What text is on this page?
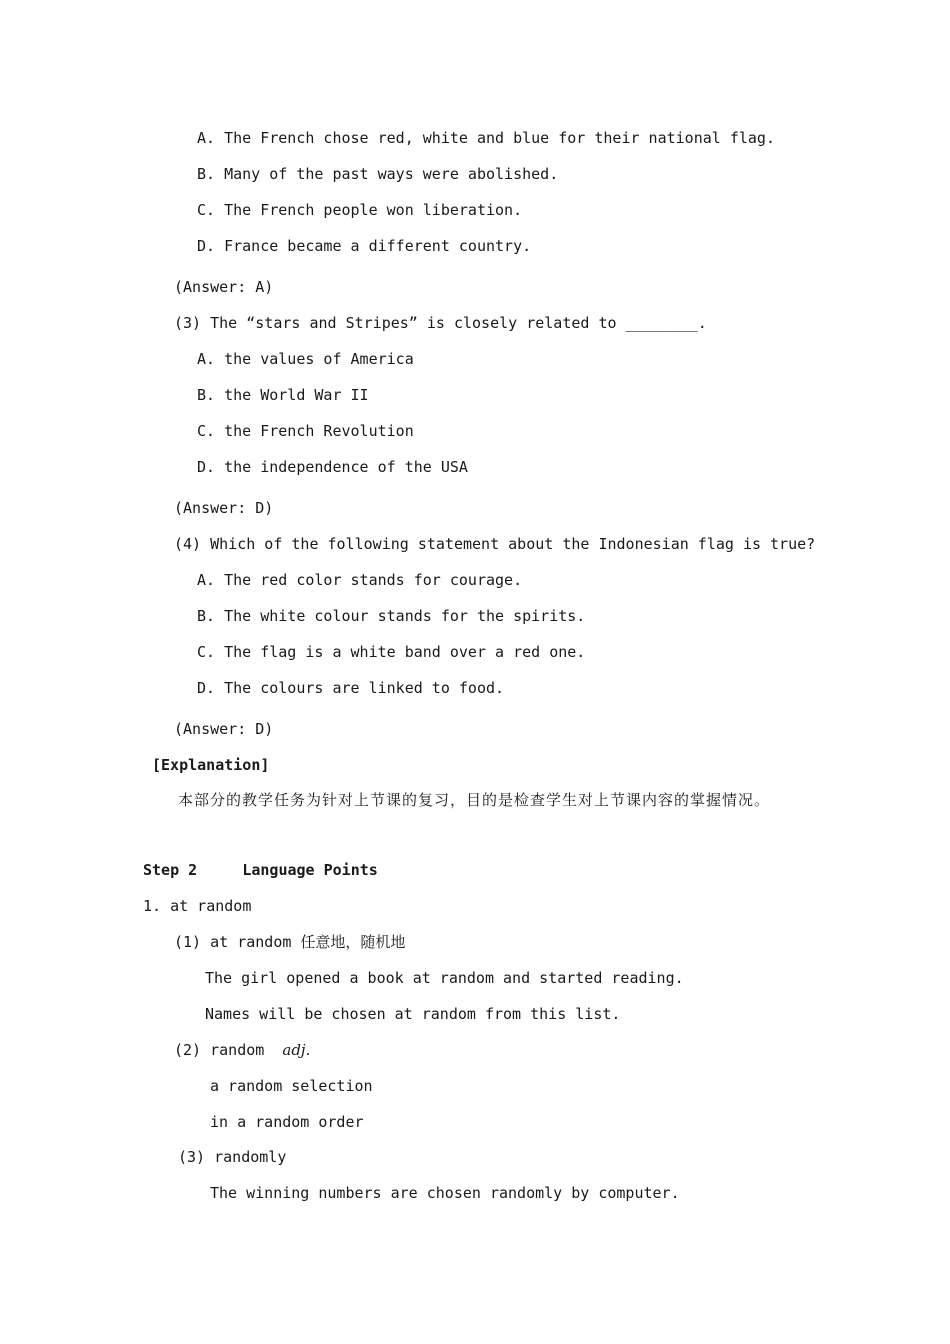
A. The French chose red, white and blue for their national flag.
B. Many of the past ways were abolished.
C. The French people won liberation.
D. France became a different country.
(Answer: A)
(3) The “stars and Stripes” is closely related to ________.
A. the values of America
B. the World War II
C. the French Revolution
D. the independence of the USA
(Answer: D)
(4) Which of the following statement about the Indonesian flag is true?
A. The red color stands for courage.
B. The white colour stands for the spirits.
C. The flag is a white band over a red one.
D. The colours are linked to food.
(Answer: D)
[Explanation]
本部分的教学任务为针对上节课的复习，目的是检查学生对上节课内容的掌握情况。
Step 2     Language Points
1. at random
(1) at random 任意地，随机地
The girl opened a book at random and started reading.
Names will be chosen at random from this list.
(2) random  adj.
a random selection
in a random order
(3) randomly
The winning numbers are chosen randomly by computer.
